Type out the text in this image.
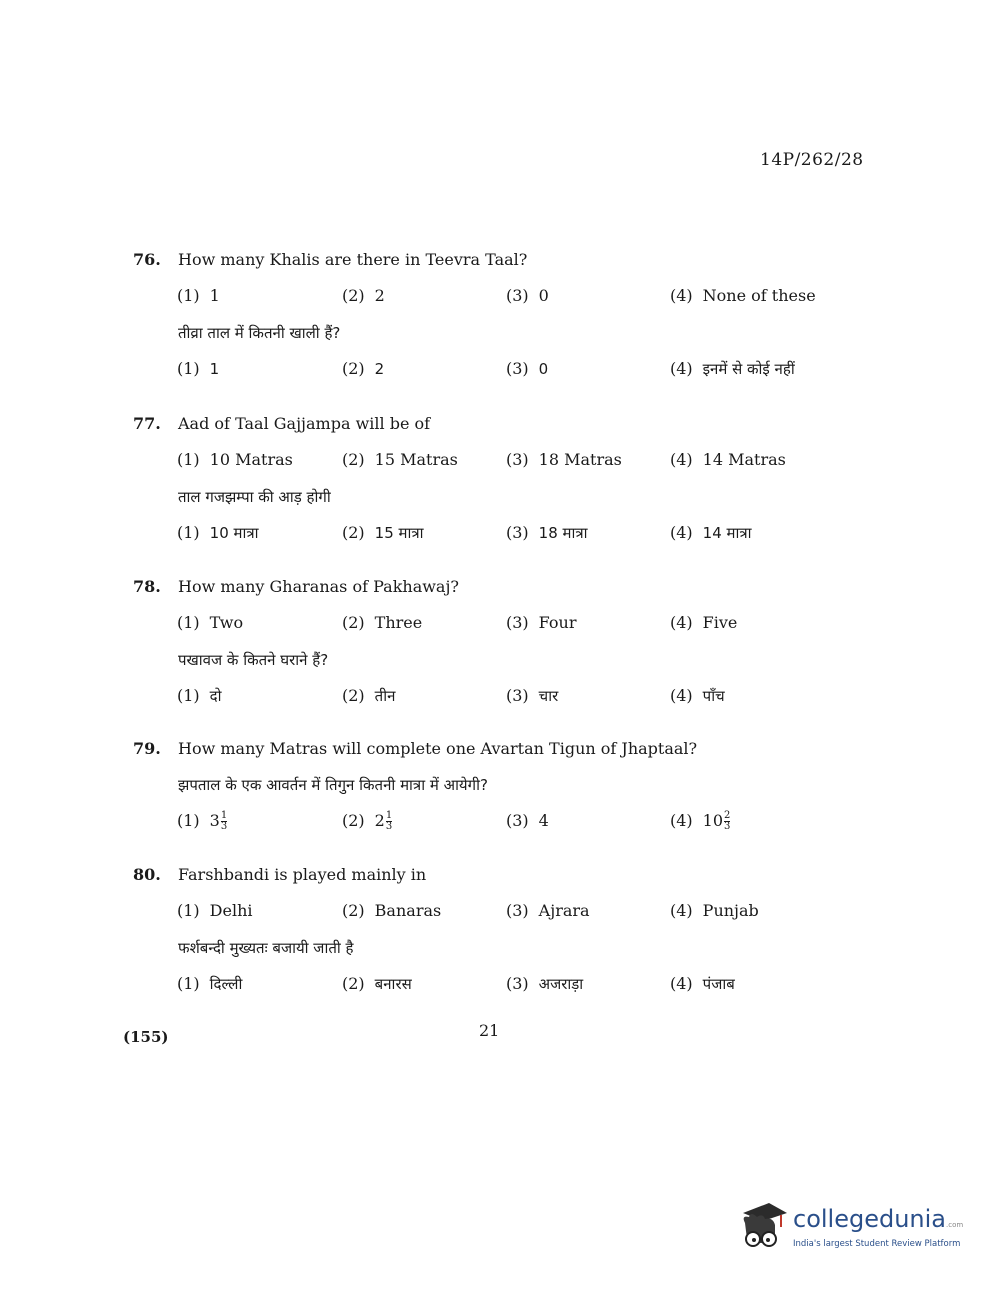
14P/262/28
76. How many Khalis are there in Teevra Taal?
(1) 1	(2) 2	(3) 0	(4) None of these
तीव्रा ताल में कितनी खाली हैं?
(1) 1	(2) 2	(3) 0	(4) इनमें से कोई नहीं
77. Aad of Taal Gajjampa will be of
(1) 10 Matras	(2) 15 Matras	(3) 18 Matras	(4) 14 Matras
ताल गजझम्पा की आड़ होगी
(1) 10 मात्रा	(2) 15 मात्रा	(3) 18 मात्रा	(4) 14 मात्रा
78. How many Gharanas of Pakhawaj?
(1) Two	(2) Three	(3) Four	(4) Five
पखावज के कितने घराने हैं?
(1) दो	(2) तीन	(3) चार	(4) पाँच
79. How many Matras will complete one Avartan Tigun of Jhaptaal?
झपताल के एक आवर्तन में तिगुन कितनी मात्रा में आयेगी?
(1) $3 \frac{1}{3}$	(2) $2 \frac{1}{3}$	(3) 4	(4) $10 \frac{2}{3}$
80. Farshbandi is played mainly in
(1) Delhi	(2) Banaras	(3) Ajrara	(4) Punjab
फर्शबन्दी मुख्यतः बजायी जाती है
(1) दिल्ली	(2) बनारस	(3) अजराड़ा	(4) पंजाब
(155)	21
collegedunia.com
India's largest Student Review Platform
